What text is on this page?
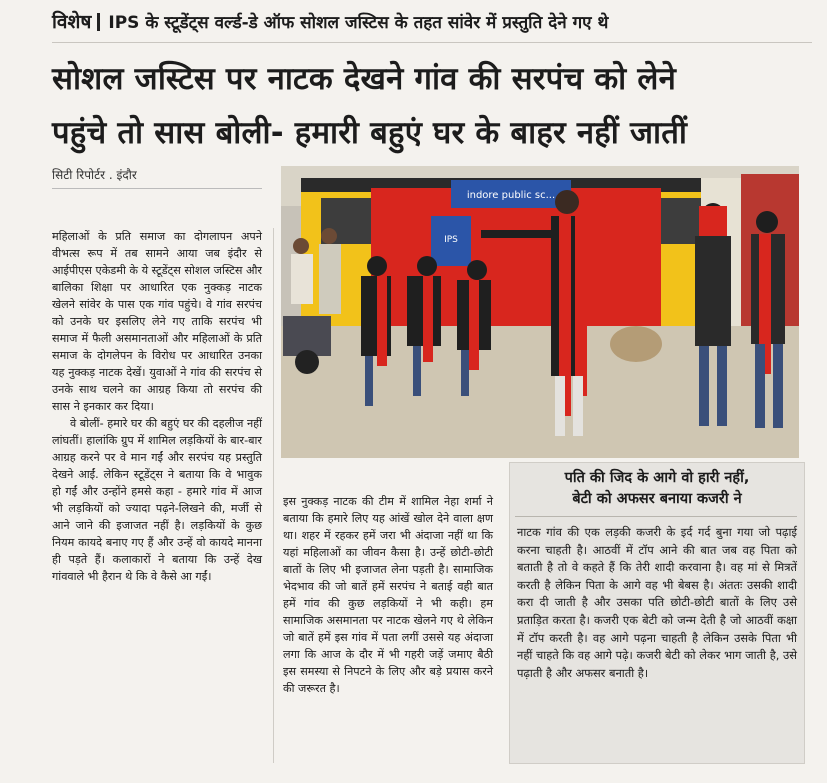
विशेष IPS के स्टूडेंट्स वर्ल्ड-डे ऑफ सोशल जस्टिस के तहत सांवेर में प्रस्तुति देने गए थे
सोशल जस्टिस पर नाटक देखने गांव की सरपंच को लेने
पहुंचे तो सास बोली- हमारी बहुएं घर के बाहर नहीं जातीं
सिटी रिपोर्टर . इंदौर
indore public sc...
IPS

महिलाओं के प्रति समाज का दोगलापन अपने वीभत्स रूप में तब सामने आया जब इंदौर से आईपीएस एकेडमी के ये स्टूडेंट्स सोशल जस्टिस और बालिका शिक्षा पर आधारित एक नुक्कड़ नाटक खेलने सांवेर के पास एक गांव पहुंचे। वे गांव सरपंच को उनके घर इसलिए लेने गए ताकि सरपंच भी समाज में फैली असमानताओं और महिलाओं के प्रति समाज के दोगलेपन के विरोध पर आधारित उनका यह नुक्कड़ नाटक देखें। युवाओं ने गांव की सरपंच से उनके साथ चलने का आग्रह किया तो सरपंच की सास ने इनकार कर दिया।

वे बोलीं- हमारे घर की बहुएं घर की दहलीज नहीं लांघतीं। हालांकि ग्रुप में शामिल लड़कियों के बार-बार आग्रह करने पर वे मान गईं और सरपंच यह प्रस्तुति देखने आईं. लेकिन स्टूडेंट्स ने बताया कि वे भावुक हो गईं और उन्होंने हमसे कहा - हमारे गांव में आज भी लड़कियों को ज्यादा पढ़ने-लिखने की, मर्जी से आने जाने की इजाजत नहीं है। लड़कियों के कुछ नियम कायदे बनाए गए हैं और उन्हें वो कायदे मानना ही पड़ते हैं। कलाकारों ने बताया कि उन्हें देख गांववाले भी हैरान थे कि वे कैसे आ गईं।

इस नुक्कड़ नाटक की टीम में शामिल नेहा शर्मा ने बताया कि हमारे लिए यह आंखें खोल देने वाला क्षण था। शहर में रहकर हमें जरा भी अंदाजा नहीं था कि यहां महिलाओं का जीवन कैसा है। उन्हें छोटी-छोटी बातों के लिए भी इजाजत लेना पड़ती है। सामाजिक भेदभाव की जो बातें हमें सरपंच ने बताई वही बात हमें गांव की कुछ लड़कियों ने भी कही। हम सामाजिक असमानता पर नाटक खेलने गए थे लेकिन जो बातें हमें इस गांव में पता लगीं उससे यह अंदाजा लगा कि आज के दौर में भी गहरी जड़ें जमाए बैठी इस समस्या से निपटने के लिए और बड़े प्रयास करने की जरूरत है।

पति की जिद के आगे वो हारी नहीं,
बेटी को अफसर बनाया कजरी ने
नाटक गांव की एक लड़की कजरी के इर्द गर्द बुना गया जो पढ़ाई करना चाहती है। आठवीं में टॉप आने की बात जब वह पिता को बताती है तो वे कहते हैं कि तेरी शादी करवाना है। वह मां से मित्रतें करती है लेकिन पिता के आगे वह भी बेबस है। अंततः उसकी शादी करा दी जाती है और उसका पति छोटी-छोटी बातों के लिए उसे प्रताड़ित करता है। कजरी एक बेटी को जन्म देती है जो आठवीं कक्षा में टॉप करती है। वह आगे पढ़ना चाहती है लेकिन उसके पिता भी नहीं चाहते कि वह आगे पढ़े। कजरी बेटी को लेकर भाग जाती है, उसे पढ़ाती है और अफसर बनाती है।
